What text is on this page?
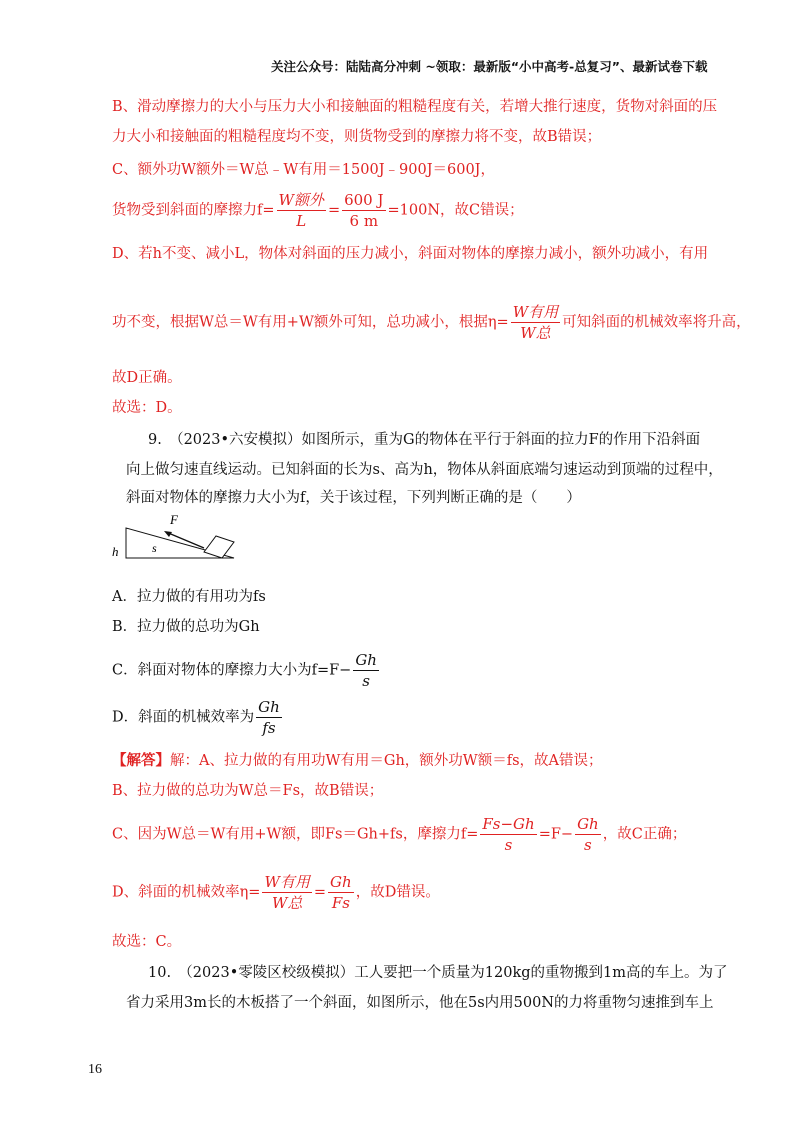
关注公众号：陆陆高分冲刺 ~领取：最新版“小中高考-总复习”、最新试卷下载
B、滑动摩擦力的大小与压力大小和接触面的粗糙程度有关，若增大推行速度，货物对斜面的压
力大小和接触面的粗糙程度均不变，则货物受到的摩擦力将不变，故B错误；
C、额外功W额外＝W总﹣W有用＝1500J﹣900J＝600J，
货物受到斜面的摩擦力$f= \frac{\text{W额外}}{L} = \frac{600 J}{6 m} =100N$，故C错误；
D、若h不变、减小L，物体对斜面的压力减小，斜面对物体的摩擦力减小，额外功减小，有用
功不变，根据W总＝W有用+W额外可知，总功减小，根据$\eta= \frac{\text{W有用}}{\text{W总}}$ 可知斜面的机械效率将升高，
故D正确。
故选：D。
9.　（2023•六安模拟）如图所示，重为G的物体在平行于斜面的拉力F的作用下沿斜面
向上做匀速直线运动。已知斜面的长为s、高为h，物体从斜面底端匀速运动到顶端的过程中，
斜面对物体的摩擦力大小为f，关于该过程，下列判断正确的是（　　）
F
s
h
A．拉力做的有用功为fs
B．拉力做的总功为Gh
C．斜面对物体的摩擦力大小为$f=F- \frac{Gh}{s}$
D．斜面的机械效率为 $\frac{Gh}{fs}$
【解答】解：A、拉力做的有用功W有用＝Gh，额外功W额＝fs，故A错误；
B、拉力做的总功为W总＝Fs，故B错误；
C、因为W总＝W有用+W额，即Fs＝Gh+fs，摩擦力$f= \frac{Fs-Gh}{s} =F- \frac{Gh}{s}$ ，故C正确；
D、斜面的机械效率$\eta= \frac{\text{W有用}}{\text{W总}} = \frac{Gh}{Fs}$ ，故D错误。
故选：C。
10.　（2023•零陵区校级模拟）工人要把一个质量为120kg的重物搬到1m高的车上。为了
省力采用3m长的木板搭了一个斜面，如图所示，他在5s内用500N的力将重物匀速推到车上
16
